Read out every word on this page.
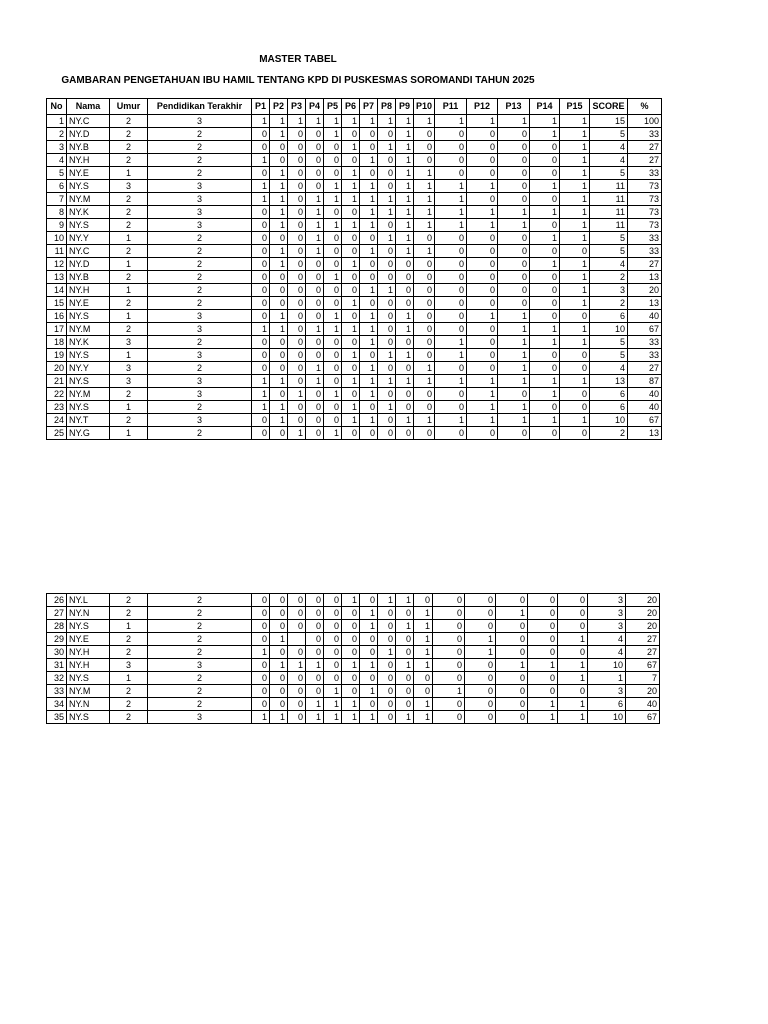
MASTER TABEL
GAMBARAN PENGETAHUAN IBU HAMIL TENTANG KPD DI PUSKESMAS SOROMANDI TAHUN 2025
No	Nama	Umur	Pendidikan Terakhir	P1	P2	P3	P4	P5	P6	P7	P8	P9	P10	P11	P12	P13	P14	P15	SCORE	%
1	NY.C	2	3	1	1	1	1	1	1	1	1	1	1	1	1	1	1	1	15	100
2	NY.D	2	2	0	1	0	0	1	0	0	0	1	0	0	0	0	1	1	5	33
3	NY.B	2	2	0	0	0	0	0	1	0	1	1	0	0	0	0	0	1	4	27
4	NY.H	2	2	1	0	0	0	0	0	1	0	1	0	0	0	0	0	1	4	27
5	NY.E	1	2	0	1	0	0	0	1	0	0	1	1	0	0	0	0	1	5	33
6	NY.S	3	3	1	1	0	0	1	1	1	0	1	1	1	1	0	1	1	11	73
7	NY.M	2	3	1	1	0	1	1	1	1	1	1	1	1	0	0	0	1	11	73
8	NY.K	2	3	0	1	0	1	0	0	1	1	1	1	1	1	1	1	1	11	73
9	NY.S	2	3	0	1	0	1	1	1	1	0	1	1	1	1	1	0	1	11	73
10	NY.Y	1	2	0	0	0	1	0	0	0	1	1	0	0	0	0	1	1	5	33
11	NY.C	2	2	0	1	0	1	0	0	1	0	1	1	0	0	0	0	0	5	33
12	NY.D	1	2	0	1	0	0	0	1	0	0	0	0	0	0	0	1	1	4	27
13	NY.B	2	2	0	0	0	0	1	0	0	0	0	0	0	0	0	0	1	2	13
14	NY.H	1	2	0	0	0	0	0	0	1	1	0	0	0	0	0	0	1	3	20
15	NY.E	2	2	0	0	0	0	0	1	0	0	0	0	0	0	0	0	1	2	13
16	NY.S	1	3	0	1	0	0	1	0	1	0	1	0	0	1	1	0	0	6	40
17	NY.M	2	3	1	1	0	1	1	1	1	0	1	0	0	0	1	1	1	10	67
18	NY.K	3	2	0	0	0	0	0	0	1	0	0	0	1	0	1	1	1	5	33
19	NY.S	1	3	0	0	0	0	0	1	0	1	1	0	1	0	1	0	0	5	33
20	NY.Y	3	2	0	0	0	1	0	0	1	0	0	1	0	0	1	0	0	4	27
21	NY.S	3	3	1	1	0	1	0	1	1	1	1	1	1	1	1	1	1	13	87
22	NY.M	2	3	1	0	1	0	1	0	1	0	0	0	0	1	0	1	0	6	40
23	NY.S	1	2	1	1	0	0	0	1	0	1	0	0	0	1	1	0	0	6	40
24	NY.T	2	3	0	1	0	0	0	1	1	0	1	1	1	1	1	1	1	10	67
25	NY.G	1	2	0	0	1	0	1	0	0	0	0	0	0	0	0	0	0	2	13
26	NY.L	2	2	0	0	0	0	0	1	0	1	1	0	0	0	0	0	0	3	20
27	NY.N	2	2	0	0	0	0	0	0	1	0	0	1	0	0	1	0	0	3	20
28	NY.S	1	2	0	0	0	0	0	0	1	0	1	1	0	0	0	0	0	3	20
29	NY.E	2	2	0	1		0	0	0	0	0	0	1	0	1	0	0	1	4	27
30	NY.H	2	2	1	0	0	0	0	0	0	1	0	1	0	1	0	0	0	4	27
31	NY.H	3	3	0	1	1	1	0	1	1	0	1	1	0	0	1	1	1	10	67
32	NY.S	1	2	0	0	0	0	0	0	0	0	0	0	0	0	0	0	1	1	7
33	NY.M	2	2	0	0	0	0	1	0	1	0	0	0	1	0	0	0	0	3	20
34	NY.N	2	2	0	0	0	1	1	1	0	0	0	1	0	0	0	1	1	6	40
35	NY.S	2	3	1	1	0	1	1	1	1	0	1	1	0	0	0	1	1	10	67
